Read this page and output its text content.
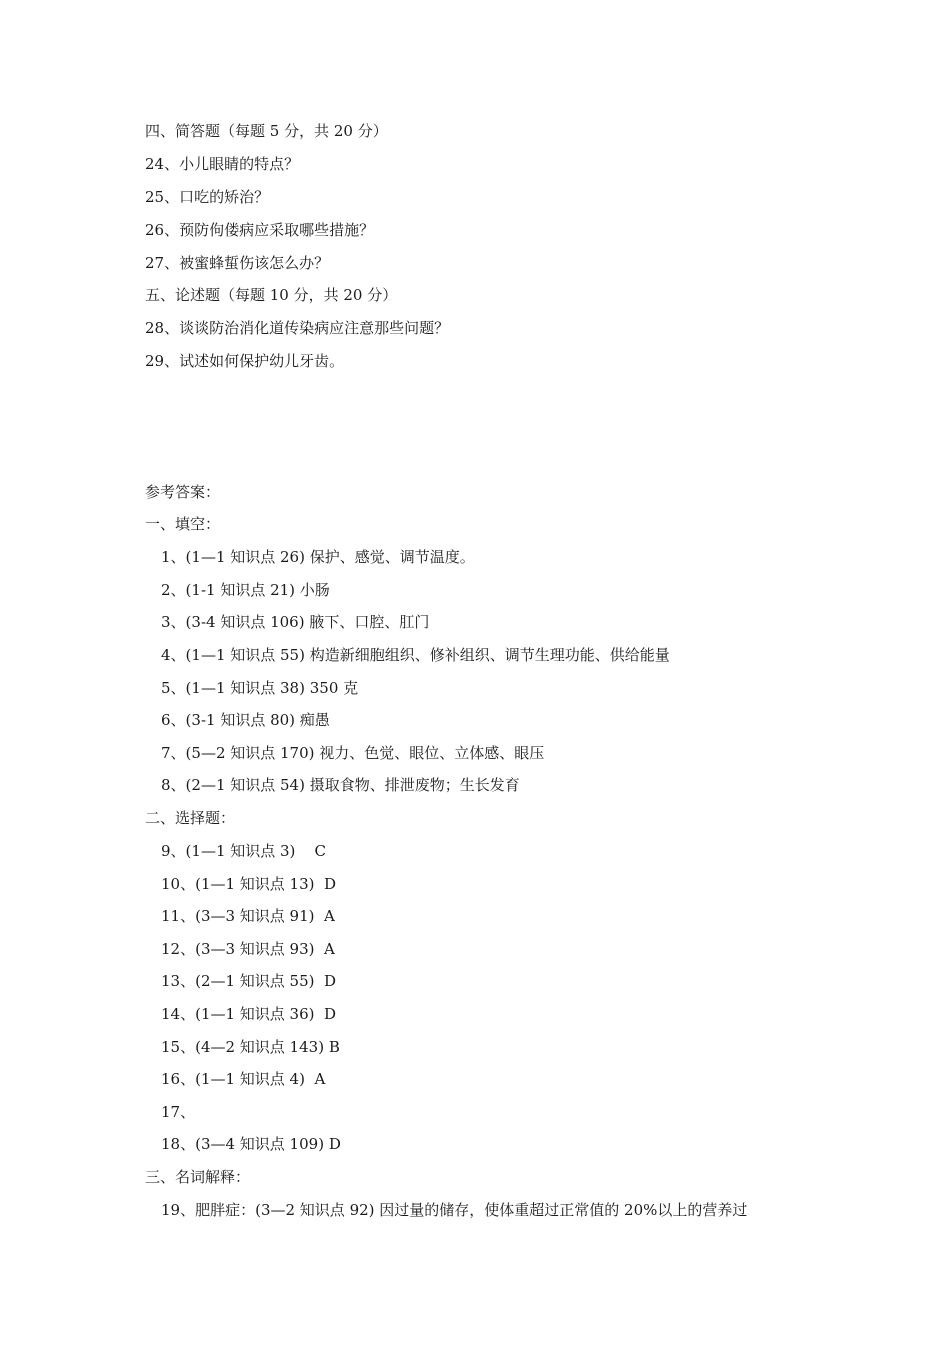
四、简答题（每题 5 分，共 20 分）
24、小儿眼睛的特点？
25、口吃的矫治？
26、预防佝偻病应采取哪些措施？
27、被蜜蜂蜇伤该怎么办？
五、论述题（每题 10 分，共 20 分）
28、谈谈防治消化道传染病应注意那些问题？
29、试述如何保护幼儿牙齿。
参考答案：
一、填空：
1、(1—1 知识点 26) 保护、感觉、调节温度。
2、(1-1 知识点 21) 小肠
3、(3-4 知识点 106) 腋下、口腔、肛门
4、(1—1 知识点 55) 构造新细胞组织、修补组织、调节生理功能、供给能量
5、(1—1 知识点 38) 350 克
6、(3-1 知识点 80) 痴愚
7、(5—2 知识点 170) 视力、色觉、眼位、立体感、眼压
8、(2—1 知识点 54) 摄取食物、排泄废物；生长发育
二、选择题：
9、(1—1 知识点 3)    C
10、(1—1 知识点 13)  D
11、(3—3 知识点 91)  A
12、(3—3 知识点 93)  A
13、(2—1 知识点 55)  D
14、(1—1 知识点 36)  D
15、(4—2 知识点 143) B
16、(1—1 知识点 4)  A
17、
18、(3—4 知识点 109) D
三、名词解释：
19、肥胖症：(3—2 知识点 92) 因过量的储存，使体重超过正常值的 20%以上的营养过
